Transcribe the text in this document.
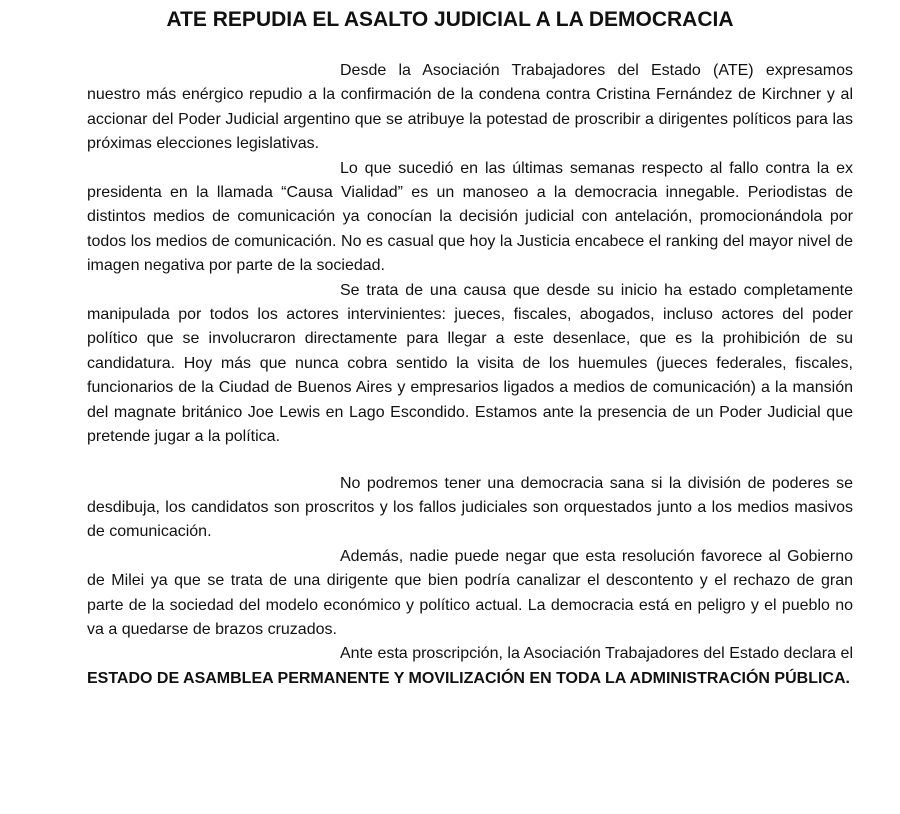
ATE REPUDIA EL ASALTO JUDICIAL A LA DEMOCRACIA

Desde la Asociación Trabajadores del Estado (ATE) expresamos nuestro más enérgico repudio a la confirmación de la condena contra Cristina Fernández de Kirchner y al accionar del Poder Judicial argentino que se atribuye la potestad de proscribir a dirigentes políticos para las próximas elecciones legislativas.

Lo que sucedió en las últimas semanas respecto al fallo contra la ex presidenta en la llamada “Causa Vialidad” es un manoseo a la democracia innegable. Periodistas de distintos medios de comunicación ya conocían la decisión judicial con antelación, promocionándola por todos los medios de comunicación. No es casual que hoy la Justicia encabece el ranking del mayor nivel de imagen negativa por parte de la sociedad.

Se trata de una causa que desde su inicio ha estado completamente manipulada por todos los actores intervinientes: jueces, fiscales, abogados, incluso actores del poder político que se involucraron directamente para llegar a este desenlace, que es la prohibición de su candidatura. Hoy más que nunca cobra sentido la visita de los huemules (jueces federales, fiscales, funcionarios de la Ciudad de Buenos Aires y empresarios ligados a medios de comunicación) a la mansión del magnate británico Joe Lewis en Lago Escondido. Estamos ante la presencia de un Poder Judicial que pretende jugar a la política.

No podremos tener una democracia sana si la división de poderes se desdibuja, los candidatos son proscritos y los fallos judiciales son orquestados junto a los medios masivos de comunicación.

Además, nadie puede negar que esta resolución favorece al Gobierno de Milei ya que se trata de una dirigente que bien podría canalizar el descontento y el rechazo de gran parte de la sociedad del modelo económico y político actual. La democracia está en peligro y el pueblo no va a quedarse de brazos cruzados.

Ante esta proscripción, la Asociación Trabajadores del Estado declara el ESTADO DE ASAMBLEA PERMANENTE Y MOVILIZACIÓN EN TODA LA ADMINISTRACIÓN PÚBLICA.
